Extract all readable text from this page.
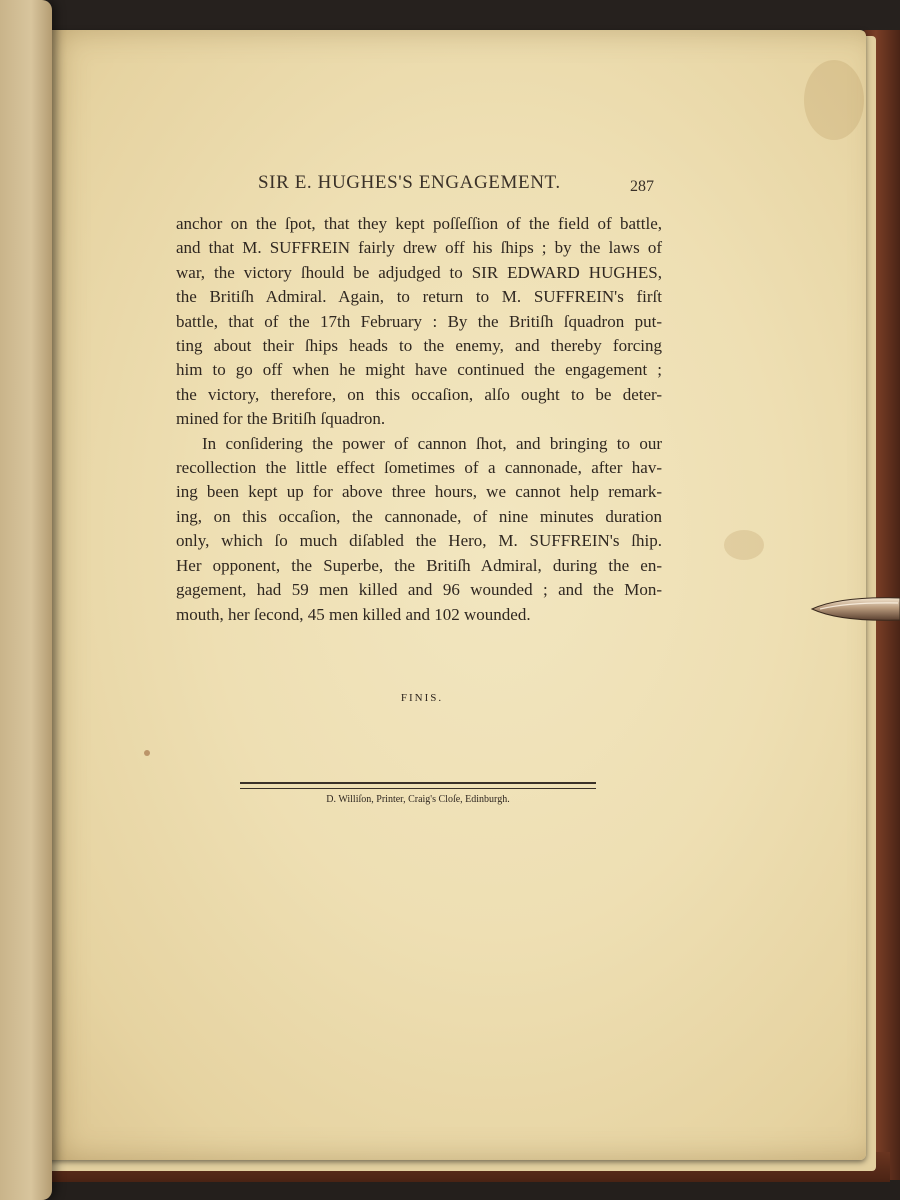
SIR E. HUGHES'S ENGAGEMENT.	287

anchor on the ſpot, that they kept poſſeſſion of the field of battle,
and that M. SUFFREIN fairly drew off his ſhips ; by the laws of
war, the victory ſhould be adjudged to SIR EDWARD HUGHES,
the Britiſh Admiral. Again, to return to M. SUFFREIN's firſt
battle, that of the 17th February : By the Britiſh ſquadron put-
ting about their ſhips heads to the enemy, and thereby forcing
him to go off when he might have continued the engagement ;
the victory, therefore, on this occaſion, alſo ought to be deter-
mined for the Britiſh ſquadron.

In conſidering the power of cannon ſhot, and bringing to our
recollection the little effect ſometimes of a cannonade, after hav-
ing been kept up for above three hours, we cannot help remark-
ing, on this occaſion, the cannonade, of nine minutes duration
only, which ſo much diſabled the Hero, M. SUFFREIN's ſhip.
Her opponent, the Superbe, the Britiſh Admiral, during the en-
gagement, had 59 men killed and 96 wounded ; and the Mon-
mouth, her ſecond, 45 men killed and 102 wounded.

FINIS.
D. Williſon, Printer, Craig's Cloſe, Edinburgh.
